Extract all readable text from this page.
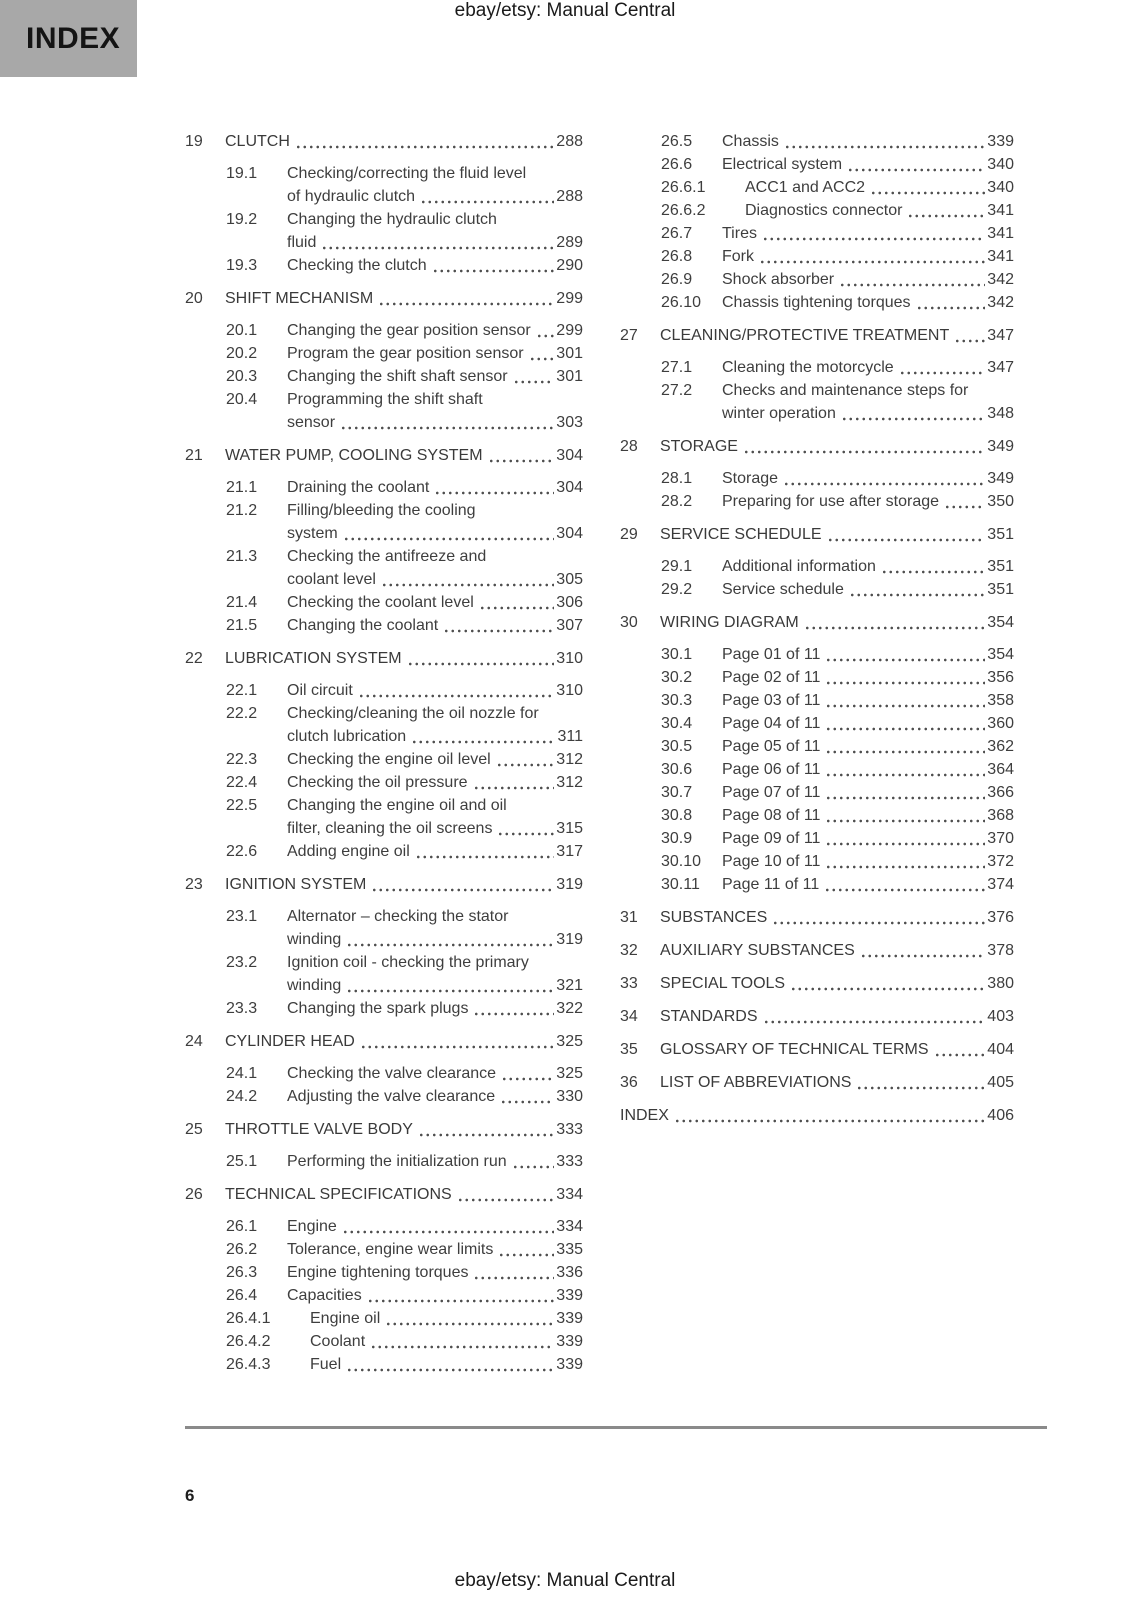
INDEX
ebay/etsy: Manual Central
19	CLUTCH	288
19.1	Checking/correcting the fluid level
of hydraulic clutch	288
19.2	Changing the hydraulic clutch
fluid	289
19.3	Checking the clutch	290
20	SHIFT MECHANISM	299
20.1	Changing the gear position sensor 299
20.2	Program the gear position sensor 301
20.3	Changing the shift shaft sensor	301
20.4	Programming the shift shaft
sensor	303
21	WATER PUMP, COOLING SYSTEM	304
21.1	Draining the coolant	304
21.2	Filling/bleeding the cooling
system	304
21.3	Checking the antifreeze and
coolant level	305
21.4	Checking the coolant level	306
21.5	Changing the coolant	307
22	LUBRICATION SYSTEM	310
22.1	Oil circuit	310
22.2	Checking/cleaning the oil nozzle for
clutch lubrication	311
22.3	Checking the engine oil level	312
22.4	Checking the oil pressure	312
22.5	Changing the engine oil and oil
filter, cleaning the oil screens	315
22.6	Adding engine oil	317
23	IGNITION SYSTEM	319
23.1	Alternator – checking the stator
winding	319
23.2	Ignition coil - checking the primary
winding	321
23.3	Changing the spark plugs	322
24	CYLINDER HEAD	325
24.1	Checking the valve clearance	325
24.2	Adjusting the valve clearance	330
25	THROTTLE VALVE BODY	333
25.1	Performing the initialization run	333
26	TECHNICAL SPECIFICATIONS	334
26.1	Engine	334
26.2	Tolerance, engine wear limits	335
26.3	Engine tightening torques	336
26.4	Capacities	339
26.4.1	Engine oil	339
26.4.2	Coolant	339
26.4.3	Fuel	339
26.5	Chassis	339
26.6	Electrical system	340
26.6.1	ACC1 and ACC2	340
26.6.2	Diagnostics connector	341
26.7	Tires	341
26.8	Fork	341
26.9	Shock absorber	342
26.10	Chassis tightening torques	342
27	CLEANING/PROTECTIVE TREATMENT 347
27.1	Cleaning the motorcycle	347
27.2	Checks and maintenance steps for
winter operation	348
28	STORAGE	349
28.1	Storage	349
28.2	Preparing for use after storage	350
29	SERVICE SCHEDULE	351
29.1	Additional information	351
29.2	Service schedule	351
30	WIRING DIAGRAM	354
30.1	Page 01 of 11	354
30.2	Page 02 of 11	356
30.3	Page 03 of 11	358
30.4	Page 04 of 11	360
30.5	Page 05 of 11	362
30.6	Page 06 of 11	364
30.7	Page 07 of 11	366
30.8	Page 08 of 11	368
30.9	Page 09 of 11	370
30.10	Page 10 of 11	372
30.11	Page 11 of 11	374
31	SUBSTANCES	376
32	AUXILIARY SUBSTANCES	378
33	SPECIAL TOOLS	380
34	STANDARDS	403
35	GLOSSARY OF TECHNICAL TERMS	404
36	LIST OF ABBREVIATIONS	405
INDEX	406
6
ebay/etsy: Manual Central
